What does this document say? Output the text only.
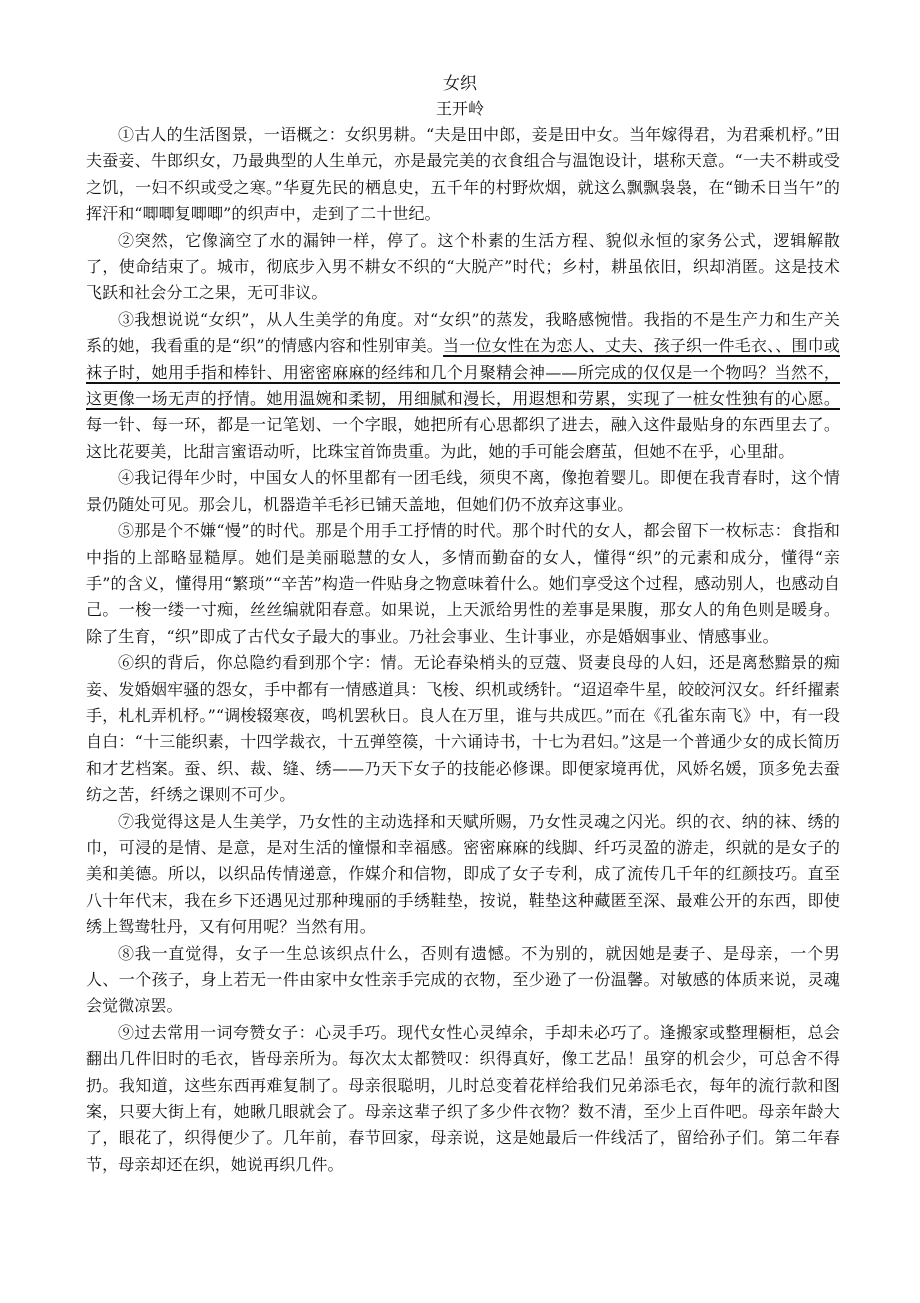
女织
王开岭

①古人的生活图景，一语概之：女织男耕。“夫是田中郎，妾是田中女。当年嫁得君，为君乘机杼。”田夫蚕妾、牛郎织女，乃最典型的人生单元，亦是最完美的衣食组合与温饱设计，堪称天意。“一夫不耕或受之饥，一妇不织或受之寒。”华夏先民的栖息史，五千年的村野炊烟，就这么飘飘袅袅，在“锄禾日当午”的挥汗和“唧唧复唧唧”的织声中，走到了二十世纪。

②突然，它像滴空了水的漏钟一样，停了。这个朴素的生活方程、貌似永恒的家务公式，逻辑解散了，使命结束了。城市，彻底步入男不耕女不织的“大脱产”时代；乡村，耕虽依旧，织却消匿。这是技术飞跃和社会分工之果，无可非议。

③我想说说“女织”，从人生美学的角度。对“女织”的蒸发，我略感惋惜。我指的不是生产力和生产关系的她，我看重的是“织”的情感内容和性别审美。当一位女性在为恋人、丈夫、孩子织一件毛衣、、围巾或袜子时，她用手指和棒针、用密密麻麻的经纬和几个月聚精会神——所完成的仅仅是一个物吗？当然不，这更像一场无声的抒情。她用温婉和柔韧，用细腻和漫长，用遐想和劳累，实现了一桩女性独有的心愿。每一针、每一环，都是一记笔划、一个字眼，她把所有心思都织了进去，融入这件最贴身的东西里去了。这比花要美，比甜言蜜语动听，比珠宝首饰贵重。为此，她的手可能会磨茧，但她不在乎，心里甜。

④我记得年少时，中国女人的怀里都有一团毛线，须臾不离，像抱着婴儿。即便在我青春时，这个情景仍随处可见。那会儿，机器造羊毛衫已铺天盖地，但她们仍不放弃这事业。

⑤那是个不嫌“慢”的时代。那是个用手工抒情的时代。那个时代的女人，都会留下一枚标志：食指和中指的上部略显糙厚。她们是美丽聪慧的女人，多情而勤奋的女人，懂得“织”的元素和成分，懂得“亲手”的含义，懂得用“繁琐”“辛苦”构造一件贴身之物意味着什么。她们享受这个过程，感动别人，也感动自己。一梭一缕一寸痴，丝丝编就阳春意。如果说，上天派给男性的差事是果腹，那女人的角色则是暖身。除了生育，“织”即成了古代女子最大的事业。乃社会事业、生计事业，亦是婚姻事业、情感事业。

⑥织的背后，你总隐约看到那个字：情。无论春染梢头的豆蔻、贤妻良母的人妇，还是离愁黯景的痴妾、发婚姻牢骚的怨女，手中都有一情感道具：飞梭、织机或绣针。“迢迢牵牛星，皎皎河汉女。纤纤擢素手，札札弄机杼。”“调梭辍寒夜，鸣机罢秋日。良人在万里，谁与共成匹。”而在《孔雀东南飞》中，有一段自白：“十三能织素，十四学裁衣，十五弹箜篌，十六诵诗书，十七为君妇。”这是一个普通少女的成长简历和才艺档案。蚕、织、裁、缝、绣——乃天下女子的技能必修课。即便家境再优，风娇名媛，顶多免去蚕纺之苦，纤绣之课则不可少。

⑦我觉得这是人生美学，乃女性的主动选择和天赋所赐，乃女性灵魂之闪光。织的衣、纳的袜、绣的巾，可浸的是情、是意，是对生活的憧憬和幸福感。密密麻麻的线脚、纤巧灵盈的游走，织就的是女子的美和美德。所以，以织品传情递意，作媒介和信物，即成了女子专利，成了流传几千年的红颜技巧。直至八十年代末，我在乡下还遇见过那种瑰丽的手绣鞋垫，按说，鞋垫这种藏匿至深、最难公开的东西，即使绣上鸳鸯牡丹，又有何用呢？当然有用。

⑧我一直觉得，女子一生总该织点什么，否则有遗憾。不为别的，就因她是妻子、是母亲，一个男人、一个孩子，身上若无一件由家中女性亲手完成的衣物，至少逊了一份温馨。对敏感的体质来说，灵魂会觉微凉罢。

⑨过去常用一词夸赞女子：心灵手巧。现代女性心灵绰余，手却未必巧了。逢搬家或整理橱柜，总会翻出几件旧时的毛衣，皆母亲所为。每次太太都赞叹：织得真好，像工艺品！虽穿的机会少，可总舍不得扔。我知道，这些东西再难复制了。母亲很聪明，儿时总变着花样给我们兄弟添毛衣，每年的流行款和图案，只要大街上有，她瞅几眼就会了。母亲这辈子织了多少件衣物？数不清，至少上百件吧。母亲年龄大了，眼花了，织得便少了。几年前，春节回家，母亲说，这是她最后一件线活了，留给孙子们。第二年春节，母亲却还在织，她说再织几件。
